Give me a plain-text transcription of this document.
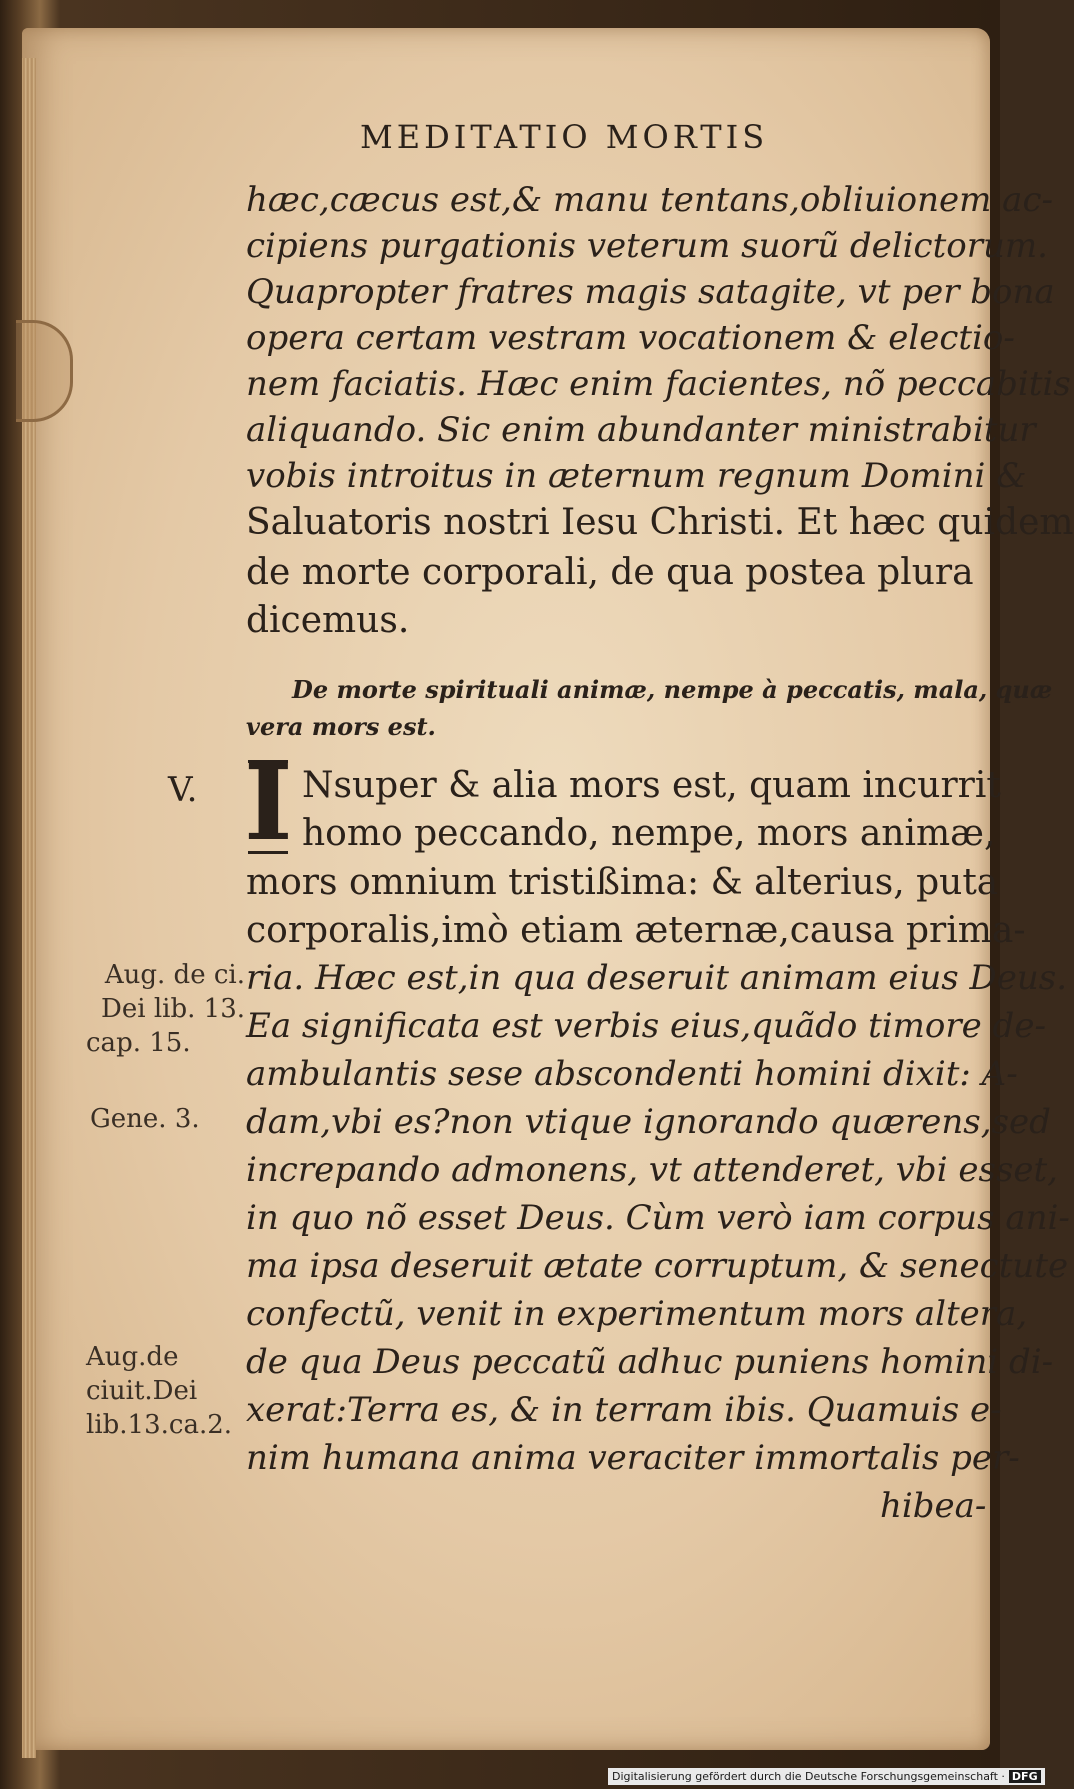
MEDITATIO MORTIS
hæc,cæcus est,& manu tentans,obliuionem ac-
cipiens purgationis veterum suorũ delictorum.
Quapropter fratres magis satagite, vt per bona
opera certam vestram vocationem & electio-
nem faciatis. Hæc enim facientes, nõ peccabitis
aliquando. Sic enim abundanter ministrabitur
vobis introitus in æternum regnum Domini &
Saluatoris nostri Iesu Christi. Et hæc quidem
de morte corporali, de qua postea plura
dicemus.
De morte spirituali animæ, nempe à peccatis, mala, quæ
vera mors est.
V. I Nsuper & alia mors est, quam incurrit
homo peccando, nempe, mors animæ,
mors omnium tristißima: & alterius, puta
corporalis,imò etiam æternæ,causa prima-
ria. Hæc est,in qua deseruit animam eius Deus.
Ea significata est verbis eius,quãdo timore de-
ambulantis sese abscondenti homini dixit: A-
dam,vbi es?non vtique ignorando quærens,sed
increpando admonens, vt attenderet, vbi esset,
in quo nõ esset Deus. Cùm verò iam corpus ani-
ma ipsa deseruit ætate corruptum, & senectute
confectũ, venit in experimentum mors altera,
de qua Deus peccatũ adhuc puniens homini di-
xerat:Terra es, & in terram ibis. Quamuis e-
nim humana anima veraciter immortalis per-
hibea-
Aug. de ci.
Dei lib. 13.
cap. 15.
Gene. 3.
Aug.de
ciuit.Dei
lib.13.ca.2.
Digitalisierung gefördert durch die Deutsche Forschungsgemeinschaft · DFG
